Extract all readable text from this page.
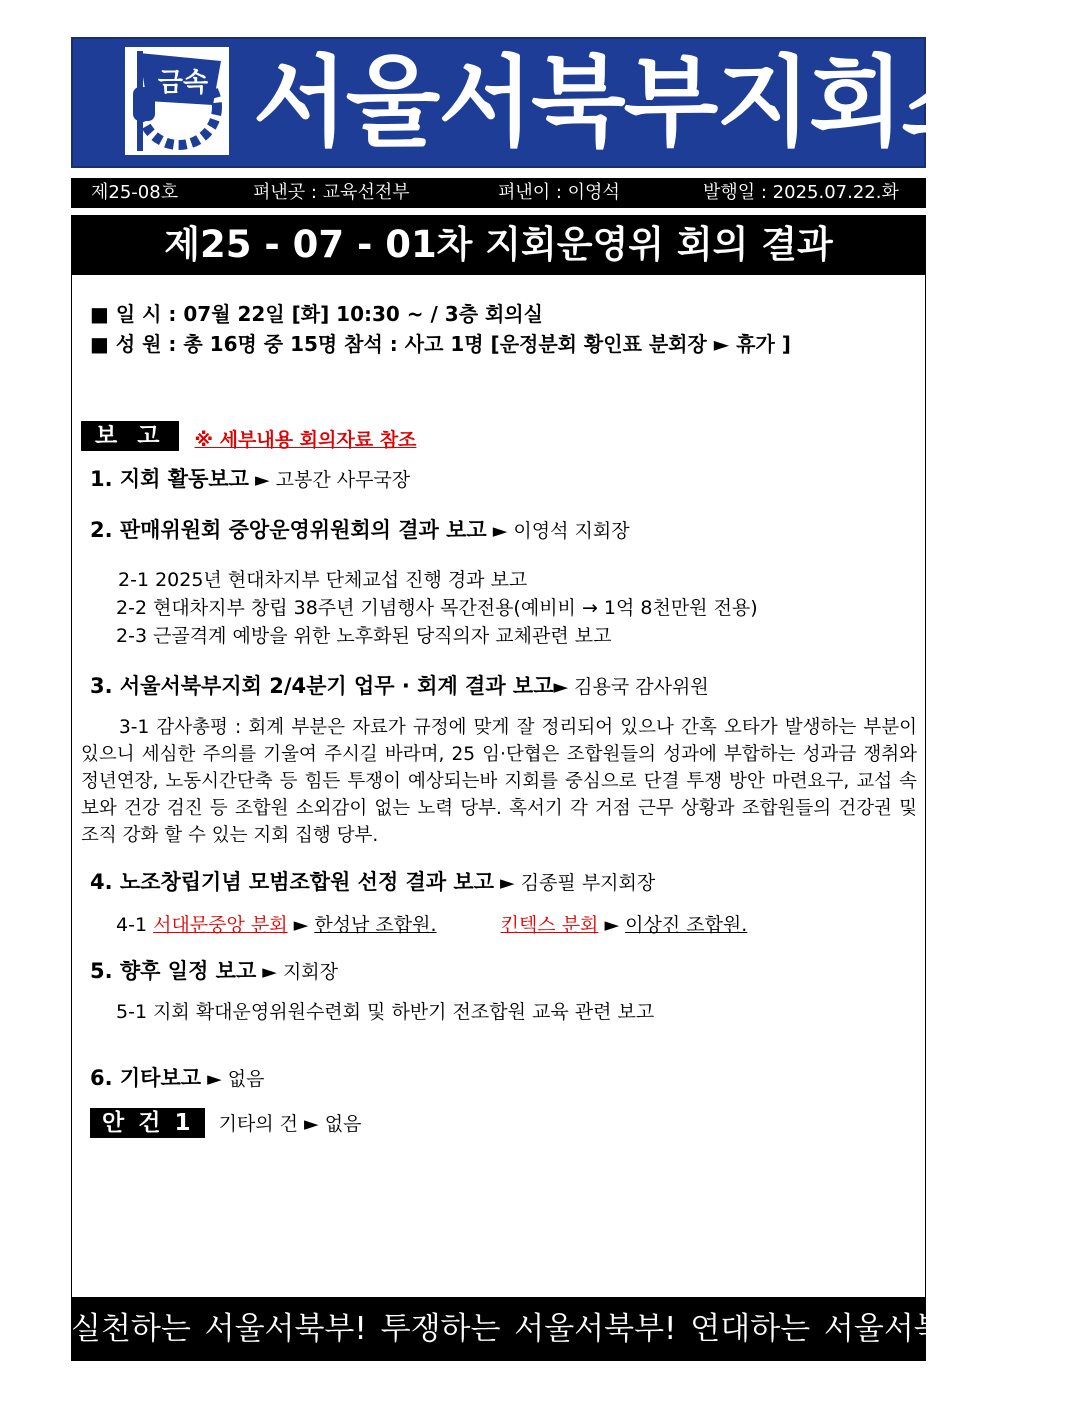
금속 서울서북부지회소식
제25-08호	펴낸곳 : 교육선전부	펴낸이 : 이영석	발행일 : 2025.07.22.화
제25 - 07 - 01차 지회운영위 회의 결과
■ 일 시 : 07월 22일 [화] 10:30 ~ / 3층 회의실
■ 성 원 : 총 16명 중 15명 참석 : 사고 1명 [운정분회 황인표 분회장 ► 휴가 ]
보 고 ※ 세부내용 회의자료 참조
1. 지회 활동보고 ► 고봉간 사무국장
2. 판매위원회 중앙운영위원회의 결과 보고 ► 이영석 지회장
2-1 2025년 현대차지부 단체교섭 진행 경과 보고
2-2 현대차지부 창립 38주년 기념행사 목간전용(예비비 → 1억 8천만원 전용)
2-3 근골격계 예방을 위한 노후화된 당직의자 교체관련 보고
3. 서울서북부지회 2/4분기 업무 · 회계 결과 보고► 김용국 감사위원
3-1 감사총평 : 회계 부분은 자료가 규정에 맞게 잘 정리되어 있으나 간혹 오타가 발생하는 부분이 있으니 세심한 주의를 기울여 주시길 바라며, 25 임·단협은 조합원들의 성과에 부합하는 성과금 쟁취와 정년연장, 노동시간단축 등 힘든 투쟁이 예상되는바 지회를 중심으로 단결 투쟁 방안 마련요구, 교섭 속보와 건강 검진 등 조합원 소외감이 없는 노력 당부. 혹서기 각 거점 근무 상황과 조합원들의 건강권 및 조직 강화 할 수 있는 지회 집행 당부.
4. 노조창립기념 모범조합원 선정 결과 보고 ► 김종필 부지회장
4-1 서대문중앙 분회 ► 한성남 조합원.	킨텍스 분회 ► 이상진 조합원.
5. 향후 일정 보고 ► 지회장
5-1 지회 확대운영위원수련회 및 하반기 전조합원 교육 관련 보고
6. 기타보고 ► 없음
안 건 1 기타의 건 ► 없음
실천하는 서울서북부! 투쟁하는 서울서북부! 연대하는 서울서북부!
